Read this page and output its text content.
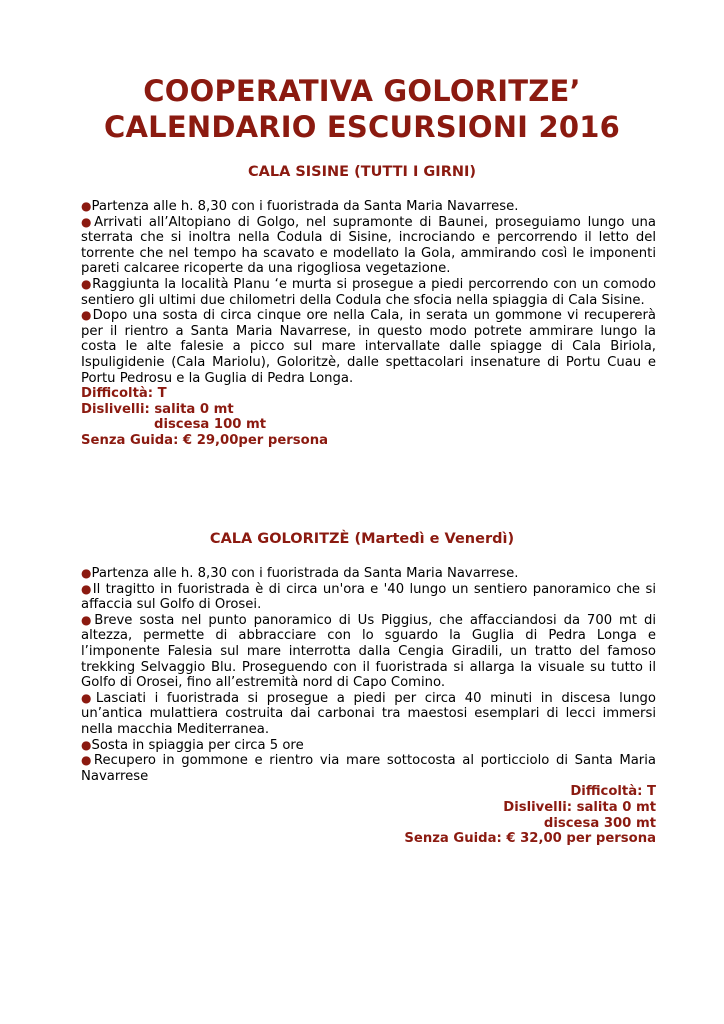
COOPERATIVA GOLORITZE’
CALENDARIO ESCURSIONI 2016
CALA SISINE (TUTTI I GIRNI)

●Partenza alle h. 8,30 con i fuoristrada da Santa Maria Navarrese.

●Arrivati all’Altopiano di Golgo, nel supramonte di Baunei, proseguiamo lungo una sterrata che si inoltra nella Codula di Sisine, incrociando e percorrendo il letto del torrente che nel tempo ha scavato e modellato la Gola, ammirando così le imponenti pareti calcaree ricoperte da una rigogliosa vegetazione.

●Raggiunta la località Planu ‘e murta si prosegue a piedi percorrendo con un comodo sentiero gli ultimi due chilometri della Codula che sfocia nella spiaggia di Cala Sisine.

●Dopo una sosta di circa cinque ore nella Cala, in serata un gommone vi recupererà per il rientro a Santa Maria Navarrese, in questo modo potrete ammirare lungo la costa le alte falesie a picco sul mare intervallate dalle spiagge di Cala Biriola, Ispuligidenie (Cala Mariolu), Goloritzè, dalle spettacolari insenature di Portu Cuau e Portu Pedrosu e la Guglia di Pedra Longa.

Difficoltà: T

Dislivelli: salita 0 mt

discesa 100 mt

Senza Guida: € 29,00per persona

CALA GOLORITZÈ (Martedì e Venerdì)

●Partenza alle h. 8,30 con i fuoristrada da Santa Maria Navarrese.

●Il tragitto in fuoristrada è di circa un'ora e '40 lungo un sentiero panoramico che si affaccia sul Golfo di Orosei.

●Breve sosta nel punto panoramico di Us Piggius, che affacciandosi da 700 mt di altezza, permette di abbracciare con lo sguardo la Guglia di Pedra Longa e l’imponente Falesia sul mare interrotta dalla Cengia Giradili, un tratto del famoso trekking Selvaggio Blu. Proseguendo con il fuoristrada si allarga la visuale su tutto il Golfo di Orosei, fino all’estremità nord di Capo Comino.

●Lasciati i fuoristrada si prosegue a piedi per circa 40 minuti in discesa lungo un’antica mulattiera costruita dai carbonai tra maestosi esemplari di lecci immersi nella macchia Mediterranea.

●Sosta in spiaggia per circa 5 ore

●Recupero in gommone e rientro via mare sottocosta al porticciolo di Santa Maria Navarrese

Difficoltà: T

Dislivelli: salita 0 mt

discesa 300 mt

Senza Guida: € 32,00 per persona
